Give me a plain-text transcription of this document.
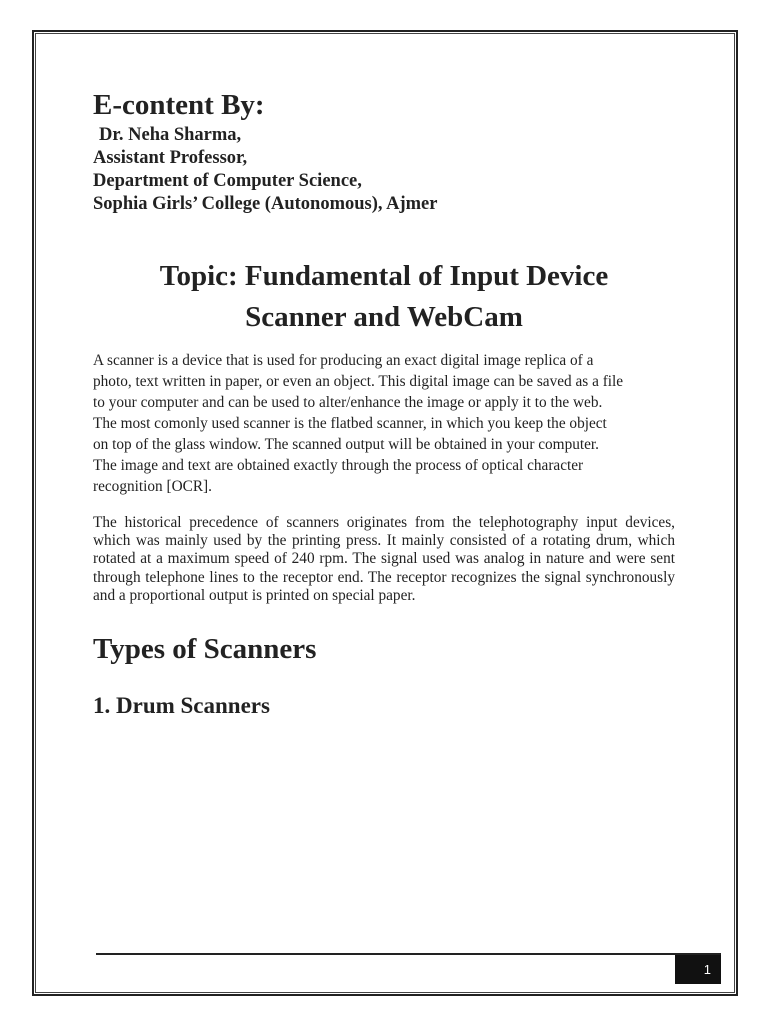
E-content By:
Dr. Neha Sharma,
Assistant Professor,
Department of Computer Science,
Sophia Girls’ College (Autonomous), Ajmer
Topic: Fundamental of Input Device
Scanner and WebCam
A scanner is a device that is used for producing an exact digital image replica of a
photo, text written in paper, or even an object. This digital image can be saved as a file
to your computer and can be used to alter/enhance the image or apply it to the web.
The most comonly used scanner is the flatbed scanner, in which you keep the object
on top of the glass window. The scanned output will be obtained in your computer.
The image and text are obtained exactly through the process of optical character
recognition [OCR].

The historical precedence of scanners originates from the telephotography input devices, which was mainly used by the printing press. It mainly consisted of a rotating drum, which rotated at a maximum speed of 240 rpm. The signal used was analog in nature and were sent through telephone lines to the receptor end. The receptor recognizes the signal synchronously and a proportional output is printed on special paper.

Types of Scanners
1. Drum Scanners
1
